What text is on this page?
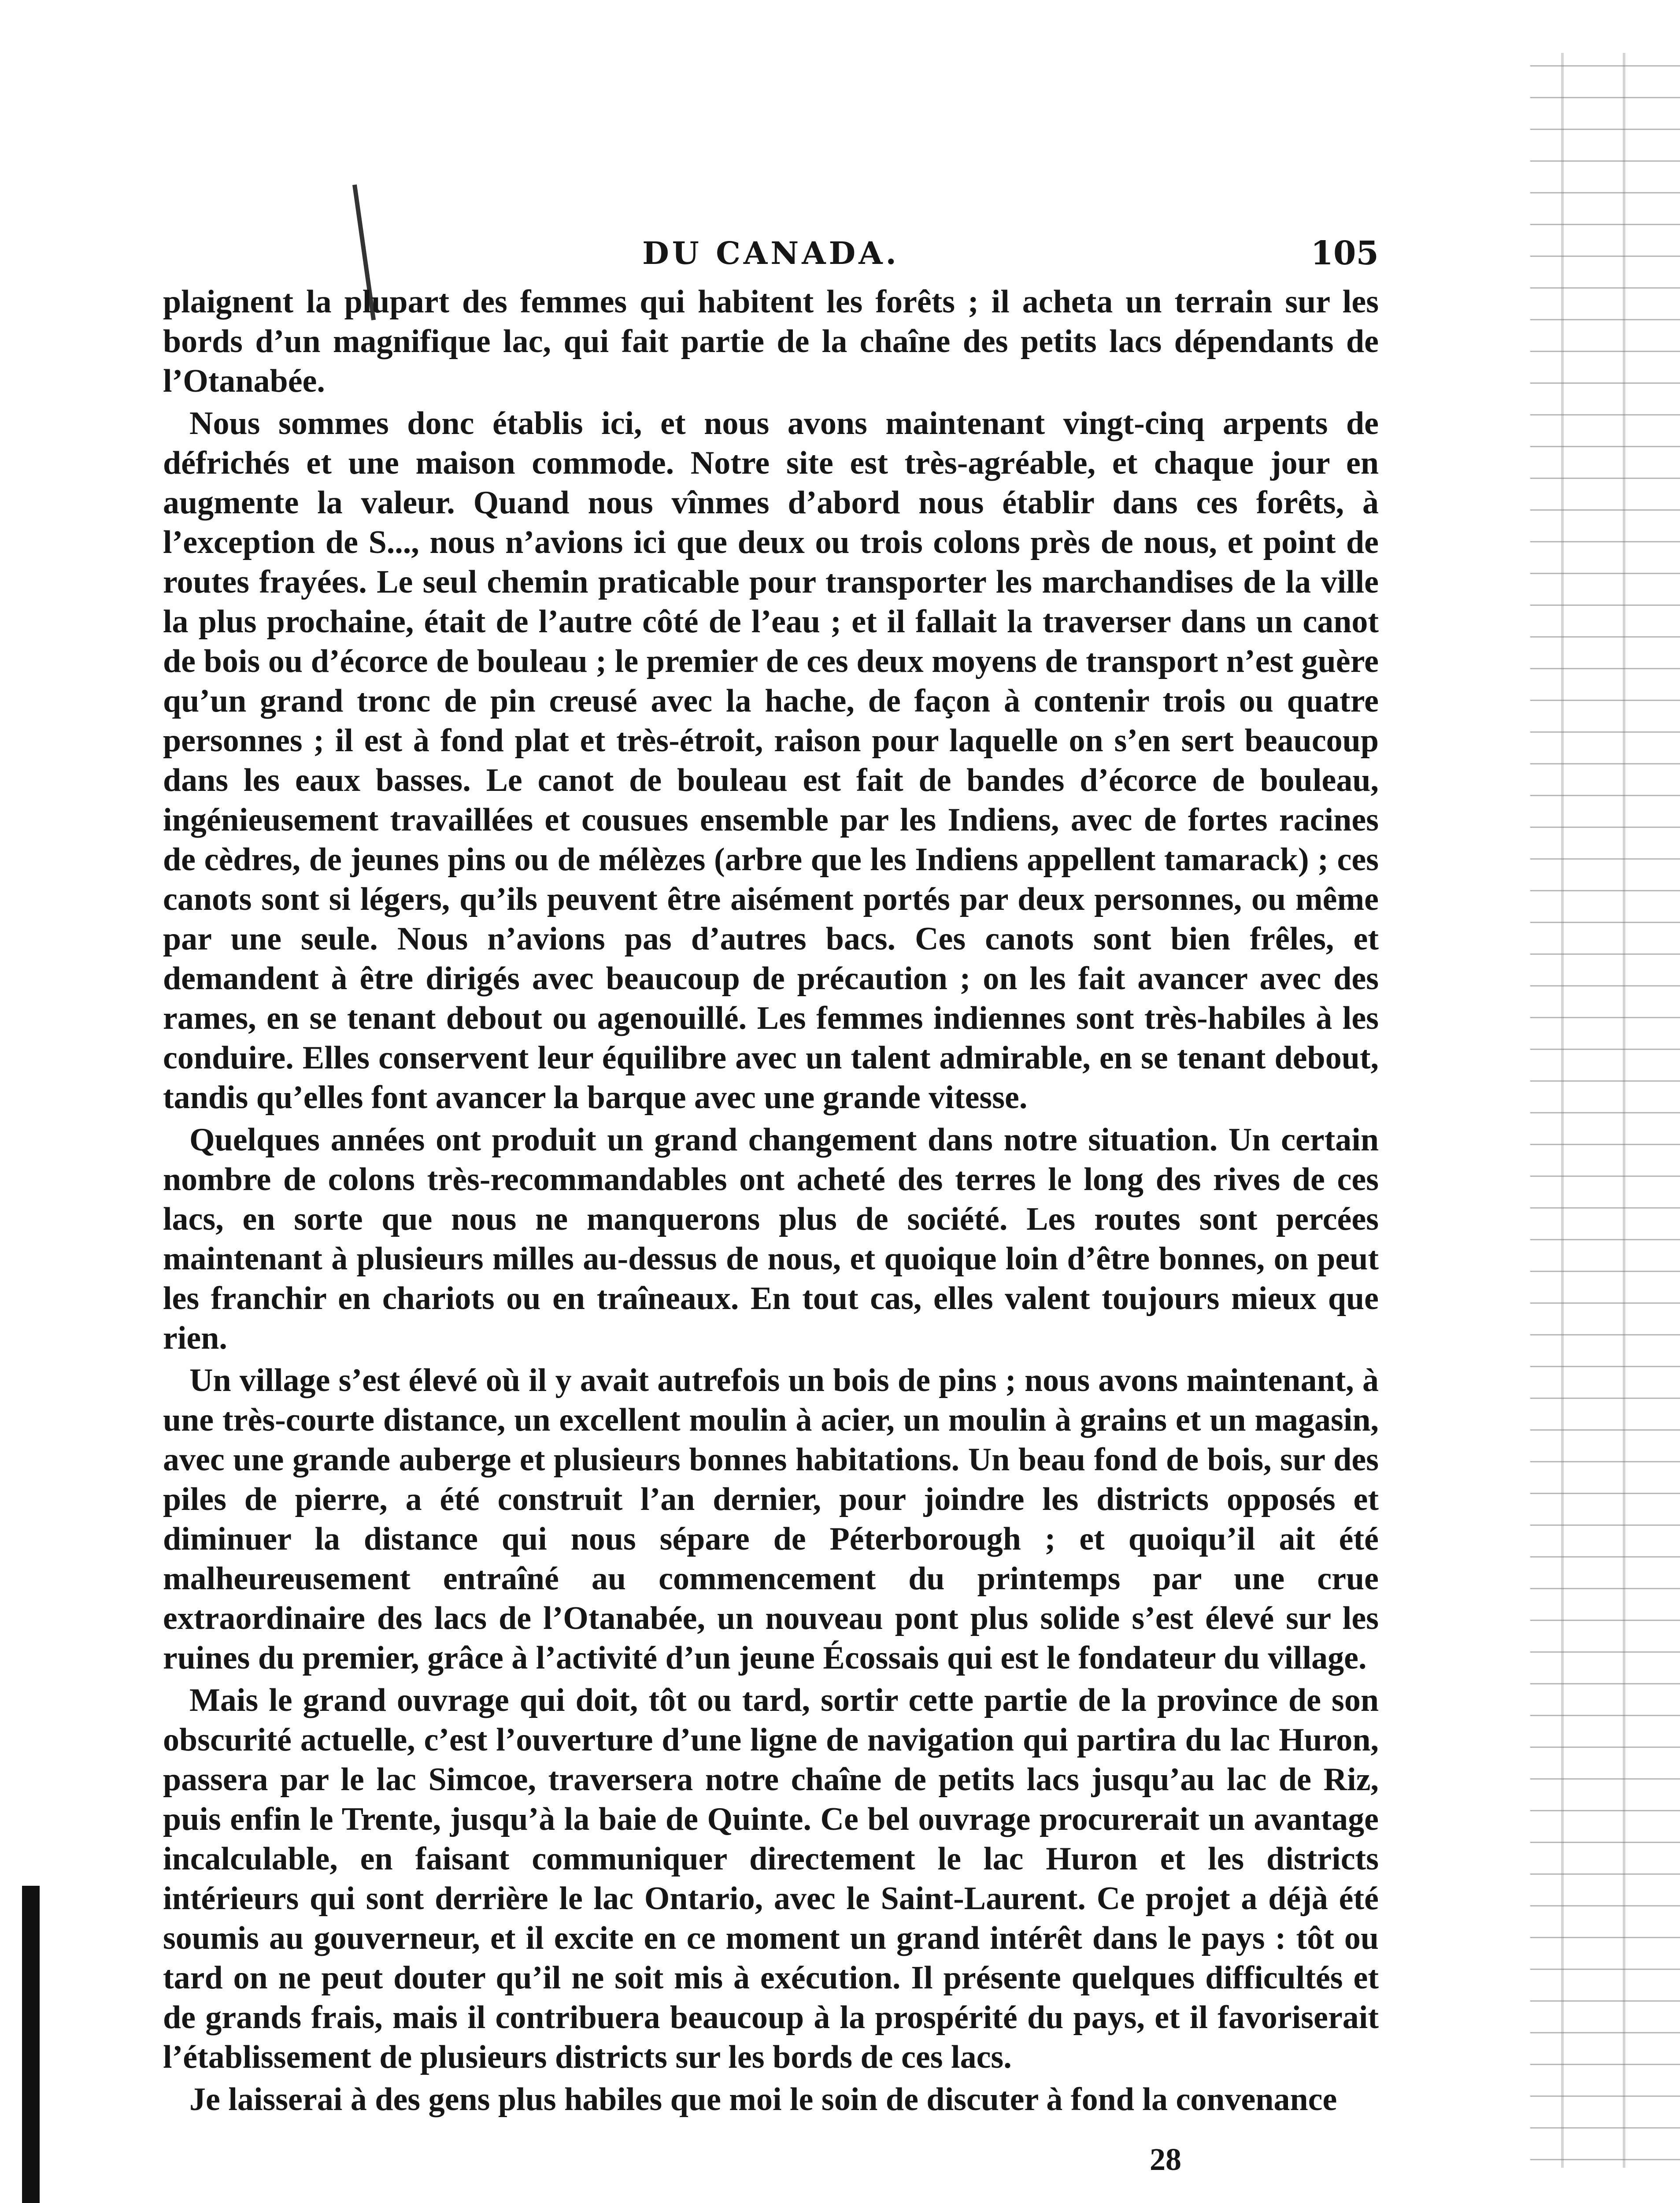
DU CANADA.	105

plaignent la plupart des femmes qui habitent les forêts ; il acheta un terrain sur les bords d’un magnifique lac, qui fait partie de la chaîne des petits lacs dépendants de l’Otanabée.

Nous sommes donc établis ici, et nous avons maintenant vingt-cinq arpents de défrichés et une maison commode. Notre site est très-agréable, et chaque jour en augmente la valeur. Quand nous vînmes d’abord nous établir dans ces forêts, à l’exception de S..., nous n’avions ici que deux ou trois colons près de nous, et point de routes frayées. Le seul chemin praticable pour transporter les marchandises de la ville la plus prochaine, était de l’autre côté de l’eau ; et il fallait la traverser dans un canot de bois ou d’écorce de bouleau ; le premier de ces deux moyens de transport n’est guère qu’un grand tronc de pin creusé avec la hache, de façon à contenir trois ou quatre personnes ; il est à fond plat et très-étroit, raison pour laquelle on s’en sert beaucoup dans les eaux basses. Le canot de bouleau est fait de bandes d’écorce de bouleau, ingénieusement travaillées et cousues ensemble par les Indiens, avec de fortes racines de cèdres, de jeunes pins ou de mélèzes (arbre que les Indiens appellent tamarack) ; ces canots sont si légers, qu’ils peuvent être aisément portés par deux personnes, ou même par une seule. Nous n’avions pas d’autres bacs. Ces canots sont bien frêles, et demandent à être dirigés avec beaucoup de précaution ; on les fait avancer avec des rames, en se tenant debout ou agenouillé. Les femmes indiennes sont très-habiles à les conduire. Elles conservent leur équilibre avec un talent admirable, en se tenant debout, tandis qu’elles font avancer la barque avec une grande vitesse.

Quelques années ont produit un grand changement dans notre situation. Un certain nombre de colons très-recommandables ont acheté des terres le long des rives de ces lacs, en sorte que nous ne manquerons plus de société. Les routes sont percées maintenant à plusieurs milles au-dessus de nous, et quoique loin d’être bonnes, on peut les franchir en chariots ou en traîneaux. En tout cas, elles valent toujours mieux que rien.

Un village s’est élevé où il y avait autrefois un bois de pins ; nous avons maintenant, à une très-courte distance, un excellent moulin à acier, un moulin à grains et un magasin, avec une grande auberge et plusieurs bonnes habitations. Un beau fond de bois, sur des piles de pierre, a été construit l’an dernier, pour joindre les districts opposés et diminuer la distance qui nous sépare de Péterborough ; et quoiqu’il ait été malheureusement entraîné au commencement du printemps par une crue extraordinaire des lacs de l’Otanabée, un nouveau pont plus solide s’est élevé sur les ruines du premier, grâce à l’activité d’un jeune Écossais qui est le fondateur du village.

Mais le grand ouvrage qui doit, tôt ou tard, sortir cette partie de la province de son obscurité actuelle, c’est l’ouverture d’une ligne de navigation qui partira du lac Huron, passera par le lac Simcoe, traversera notre chaîne de petits lacs jusqu’au lac de Riz, puis enfin le Trente, jusqu’à la baie de Quinte. Ce bel ouvrage procurerait un avantage incalculable, en faisant communiquer directement le lac Huron et les districts intérieurs qui sont derrière le lac Ontario, avec le Saint-Laurent. Ce projet a déjà été soumis au gouverneur, et il excite en ce moment un grand intérêt dans le pays : tôt ou tard on ne peut douter qu’il ne soit mis à exécution. Il présente quelques difficultés et de grands frais, mais il contribuera beaucoup à la prospérité du pays, et il favoriserait l’établissement de plusieurs districts sur les bords de ces lacs.

Je laisserai à des gens plus habiles que moi le soin de discuter à fond la convenance

28
